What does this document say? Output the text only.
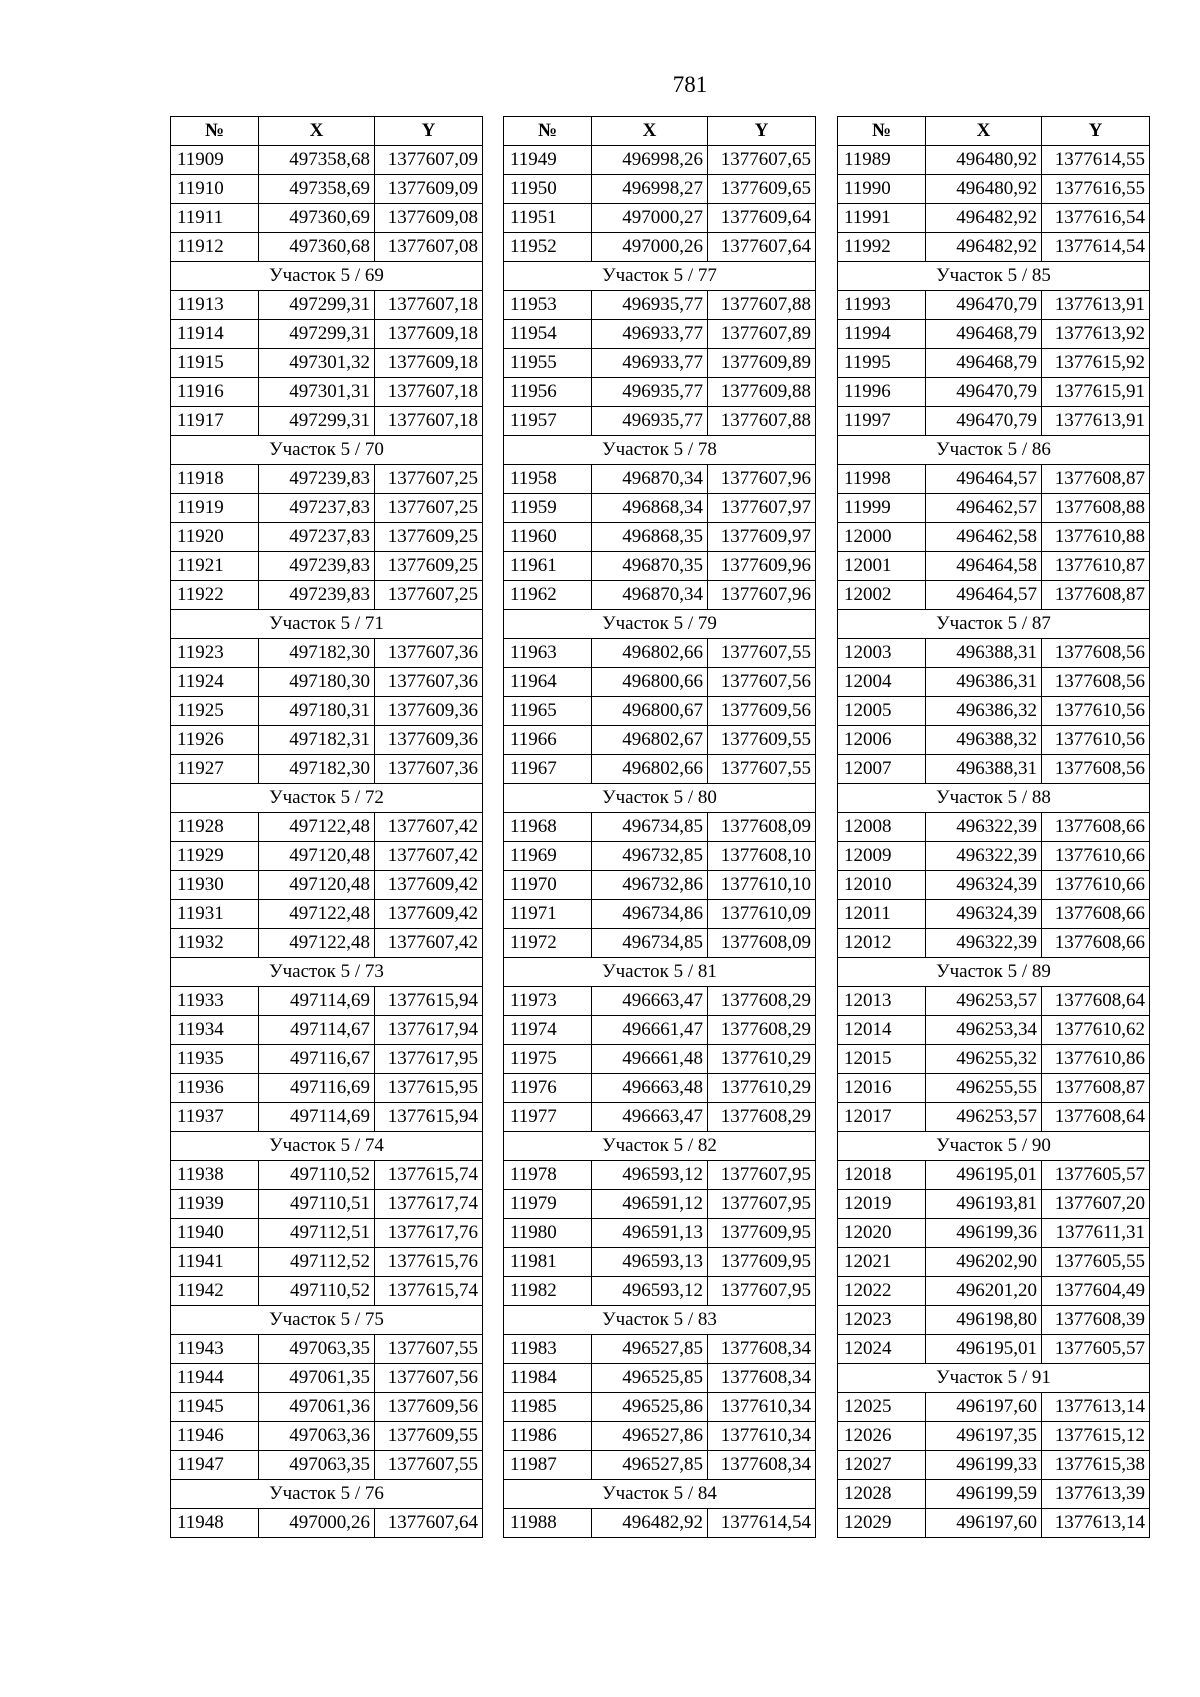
781
№	X	Y
11909	497358,68	1377607,09
11910	497358,69	1377609,09
11911	497360,69	1377609,08
11912	497360,68	1377607,08
Участок 5 / 69		
11913	497299,31	1377607,18
11914	497299,31	1377609,18
11915	497301,32	1377609,18
11916	497301,31	1377607,18
11917	497299,31	1377607,18
Участок 5 / 70		
11918	497239,83	1377607,25
11919	497237,83	1377607,25
11920	497237,83	1377609,25
11921	497239,83	1377609,25
11922	497239,83	1377607,25
Участок 5 / 71		
11923	497182,30	1377607,36
11924	497180,30	1377607,36
11925	497180,31	1377609,36
11926	497182,31	1377609,36
11927	497182,30	1377607,36
Участок 5 / 72		
11928	497122,48	1377607,42
11929	497120,48	1377607,42
11930	497120,48	1377609,42
11931	497122,48	1377609,42
11932	497122,48	1377607,42
Участок 5 / 73		
11933	497114,69	1377615,94
11934	497114,67	1377617,94
11935	497116,67	1377617,95
11936	497116,69	1377615,95
11937	497114,69	1377615,94
Участок 5 / 74		
11938	497110,52	1377615,74
11939	497110,51	1377617,74
11940	497112,51	1377617,76
11941	497112,52	1377615,76
11942	497110,52	1377615,74
Участок 5 / 75		
11943	497063,35	1377607,55
11944	497061,35	1377607,56
11945	497061,36	1377609,56
11946	497063,36	1377609,55
11947	497063,35	1377607,55
Участок 5 / 76		
11948	497000,26	1377607,64
№	X	Y
11949	496998,26	1377607,65
11950	496998,27	1377609,65
11951	497000,27	1377609,64
11952	497000,26	1377607,64
Участок 5 / 77		
11953	496935,77	1377607,88
11954	496933,77	1377607,89
11955	496933,77	1377609,89
11956	496935,77	1377609,88
11957	496935,77	1377607,88
Участок 5 / 78		
11958	496870,34	1377607,96
11959	496868,34	1377607,97
11960	496868,35	1377609,97
11961	496870,35	1377609,96
11962	496870,34	1377607,96
Участок 5 / 79		
11963	496802,66	1377607,55
11964	496800,66	1377607,56
11965	496800,67	1377609,56
11966	496802,67	1377609,55
11967	496802,66	1377607,55
Участок 5 / 80		
11968	496734,85	1377608,09
11969	496732,85	1377608,10
11970	496732,86	1377610,10
11971	496734,86	1377610,09
11972	496734,85	1377608,09
Участок 5 / 81		
11973	496663,47	1377608,29
11974	496661,47	1377608,29
11975	496661,48	1377610,29
11976	496663,48	1377610,29
11977	496663,47	1377608,29
Участок 5 / 82		
11978	496593,12	1377607,95
11979	496591,12	1377607,95
11980	496591,13	1377609,95
11981	496593,13	1377609,95
11982	496593,12	1377607,95
Участок 5 / 83		
11983	496527,85	1377608,34
11984	496525,85	1377608,34
11985	496525,86	1377610,34
11986	496527,86	1377610,34
11987	496527,85	1377608,34
Участок 5 / 84		
11988	496482,92	1377614,54
№	X	Y
11989	496480,92	1377614,55
11990	496480,92	1377616,55
11991	496482,92	1377616,54
11992	496482,92	1377614,54
Участок 5 / 85		
11993	496470,79	1377613,91
11994	496468,79	1377613,92
11995	496468,79	1377615,92
11996	496470,79	1377615,91
11997	496470,79	1377613,91
Участок 5 / 86		
11998	496464,57	1377608,87
11999	496462,57	1377608,88
12000	496462,58	1377610,88
12001	496464,58	1377610,87
12002	496464,57	1377608,87
Участок 5 / 87		
12003	496388,31	1377608,56
12004	496386,31	1377608,56
12005	496386,32	1377610,56
12006	496388,32	1377610,56
12007	496388,31	1377608,56
Участок 5 / 88		
12008	496322,39	1377608,66
12009	496322,39	1377610,66
12010	496324,39	1377610,66
12011	496324,39	1377608,66
12012	496322,39	1377608,66
Участок 5 / 89		
12013	496253,57	1377608,64
12014	496253,34	1377610,62
12015	496255,32	1377610,86
12016	496255,55	1377608,87
12017	496253,57	1377608,64
Участок 5 / 90		
12018	496195,01	1377605,57
12019	496193,81	1377607,20
12020	496199,36	1377611,31
12021	496202,90	1377605,55
12022	496201,20	1377604,49
12023	496198,80	1377608,39
12024	496195,01	1377605,57
Участок 5 / 91		
12025	496197,60	1377613,14
12026	496197,35	1377615,12
12027	496199,33	1377615,38
12028	496199,59	1377613,39
12029	496197,60	1377613,14
